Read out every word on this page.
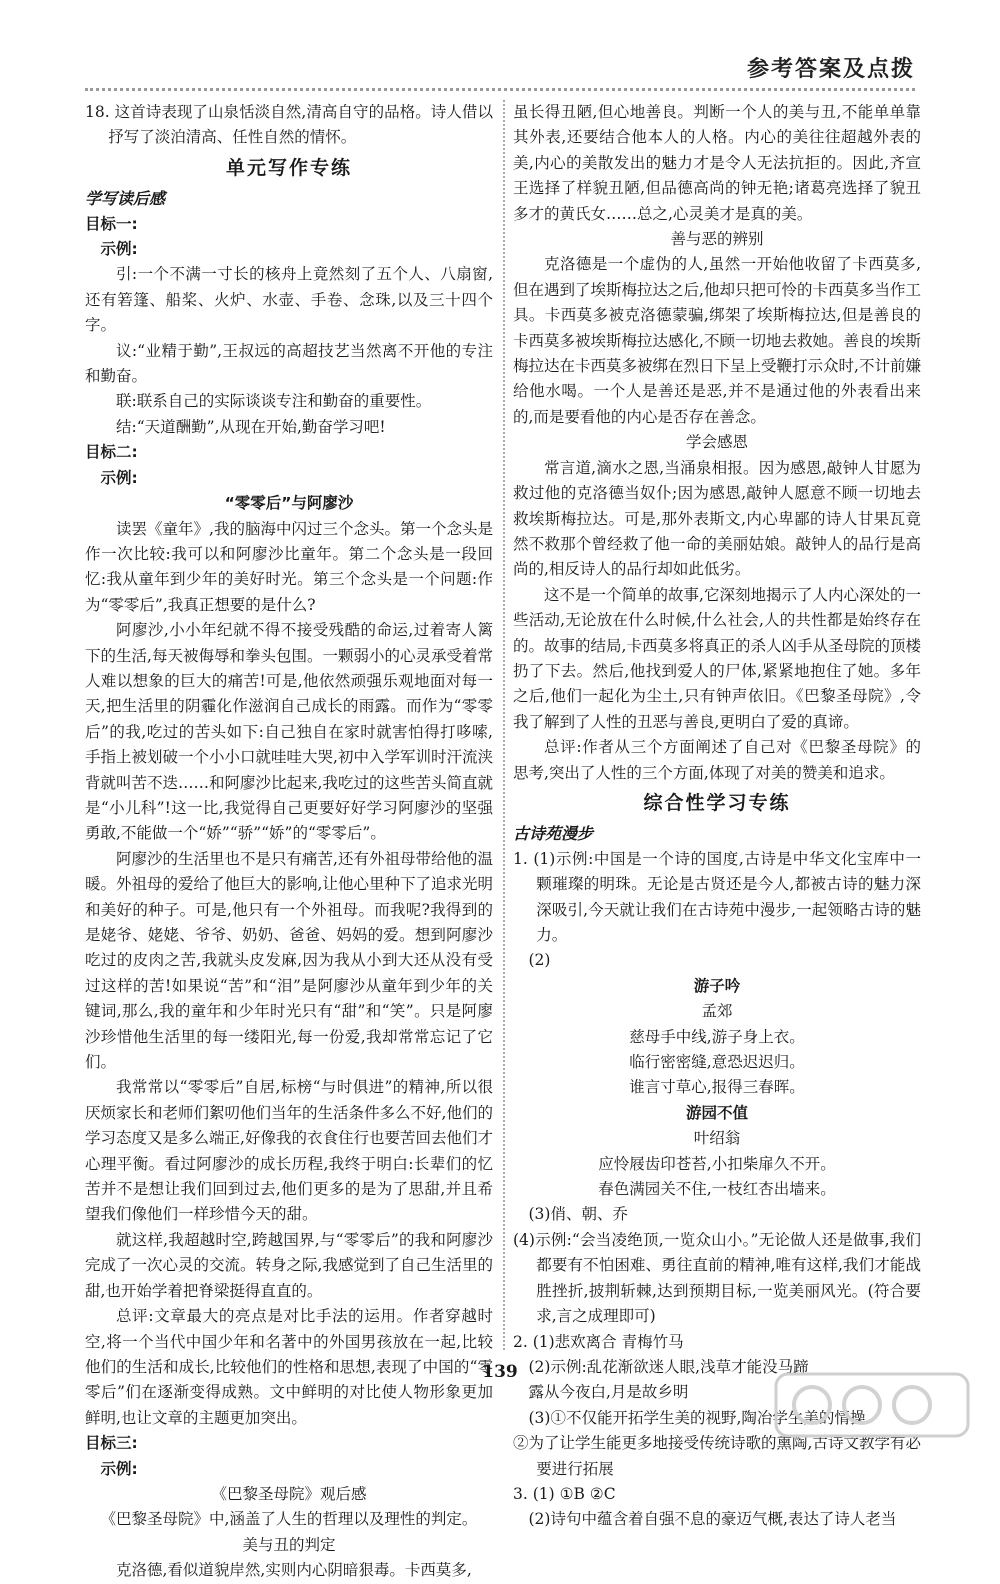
参考答案及点拨

18. 这首诗表现了山泉恬淡自然,清高自守的品格。诗人借以抒写了淡泊清高、任性自然的情怀。

单元写作专练

学写读后感

目标一:

示例:

引:一个不满一寸长的核舟上竟然刻了五个人、八扇窗,还有箬篷、船桨、火炉、水壶、手卷、念珠,以及三十四个字。

议:“业精于勤”,王叔远的高超技艺当然离不开他的专注和勤奋。

联:联系自己的实际谈谈专注和勤奋的重要性。

结:“天道酬勤”,从现在开始,勤奋学习吧!

目标二:

示例:

“零零后”与阿廖沙

读罢《童年》,我的脑海中闪过三个念头。第一个念头是作一次比较:我可以和阿廖沙比童年。第二个念头是一段回忆:我从童年到少年的美好时光。第三个念头是一个问题:作为“零零后”,我真正想要的是什么?

阿廖沙,小小年纪就不得不接受残酷的命运,过着寄人篱下的生活,每天被侮辱和拳头包围。一颗弱小的心灵承受着常人难以想象的巨大的痛苦!可是,他依然顽强乐观地面对每一天,把生活里的阴霾化作滋润自己成长的雨露。而作为“零零后”的我,吃过的苦头如下:自己独自在家时就害怕得打哆嗦,手指上被划破一个小小口就哇哇大哭,初中入学军训时汗流浃背就叫苦不迭……和阿廖沙比起来,我吃过的这些苦头简直就是“小儿科”!这一比,我觉得自己更要好好学习阿廖沙的坚强勇敢,不能做一个“娇”“骄”“娇”的“零零后”。

阿廖沙的生活里也不是只有痛苦,还有外祖母带给他的温暖。外祖母的爱给了他巨大的影响,让他心里种下了追求光明和美好的种子。可是,他只有一个外祖母。而我呢?我得到的是姥爷、姥姥、爷爷、奶奶、爸爸、妈妈的爱。想到阿廖沙吃过的皮肉之苦,我就头皮发麻,因为我从小到大还从没有受过这样的苦!如果说“苦”和“泪”是阿廖沙从童年到少年的关键词,那么,我的童年和少年时光只有“甜”和“笑”。只是阿廖沙珍惜他生活里的每一缕阳光,每一份爱,我却常常忘记了它们。

我常常以“零零后”自居,标榜“与时俱进”的精神,所以很厌烦家长和老师们絮叨他们当年的生活条件多么不好,他们的学习态度又是多么端正,好像我的衣食住行也要苦回去他们才心理平衡。看过阿廖沙的成长历程,我终于明白:长辈们的忆苦并不是想让我们回到过去,他们更多的是为了思甜,并且希望我们像他们一样珍惜今天的甜。

就这样,我超越时空,跨越国界,与“零零后”的我和阿廖沙完成了一次心灵的交流。转身之际,我感觉到了自己生活里的甜,也开始学着把脊梁挺得直直的。

总评:文章最大的亮点是对比手法的运用。作者穿越时空,将一个当代中国少年和名著中的外国男孩放在一起,比较他们的生活和成长,比较他们的性格和思想,表现了中国的“零零后”们在逐渐变得成熟。文中鲜明的对比使人物形象更加鲜明,也让文章的主题更加突出。

目标三:

示例:

《巴黎圣母院》观后感

《巴黎圣母院》中,涵盖了人生的哲理以及理性的判定。

美与丑的判定

克洛德,看似道貌岸然,实则内心阴暗狠毒。卡西莫多,

虽长得丑陋,但心地善良。判断一个人的美与丑,不能单单靠其外表,还要结合他本人的人格。内心的美往往超越外表的美,内心的美散发出的魅力才是令人无法抗拒的。因此,齐宣王选择了样貌丑陋,但品德高尚的钟无艳;诸葛亮选择了貌丑多才的黄氏女……总之,心灵美才是真的美。

善与恶的辨别

克洛德是一个虚伪的人,虽然一开始他收留了卡西莫多,但在遇到了埃斯梅拉达之后,他却只把可怜的卡西莫多当作工具。卡西莫多被克洛德蒙骗,绑架了埃斯梅拉达,但是善良的卡西莫多被埃斯梅拉达感化,不顾一切地去救她。善良的埃斯梅拉达在卡西莫多被绑在烈日下呈上受鞭打示众时,不计前嫌给他水喝。一个人是善还是恶,并不是通过他的外表看出来的,而是要看他的内心是否存在善念。

学会感恩

常言道,滴水之恩,当涌泉相报。因为感恩,敲钟人甘愿为救过他的克洛德当奴仆;因为感恩,敲钟人愿意不顾一切地去救埃斯梅拉达。可是,那外表斯文,内心卑鄙的诗人甘果瓦竟然不救那个曾经救了他一命的美丽姑娘。敲钟人的品行是高尚的,相反诗人的品行却如此低劣。

这不是一个简单的故事,它深刻地揭示了人内心深处的一些活动,无论放在什么时候,什么社会,人的共性都是始终存在的。故事的结局,卡西莫多将真正的杀人凶手从圣母院的顶楼扔了下去。然后,他找到爱人的尸体,紧紧地抱住了她。多年之后,他们一起化为尘土,只有钟声依旧。《巴黎圣母院》,令我了解到了人性的丑恶与善良,更明白了爱的真谛。

总评:作者从三个方面阐述了自己对《巴黎圣母院》的思考,突出了人性的三个方面,体现了对美的赞美和追求。

综合性学习专练

古诗苑漫步

1. (1)示例:中国是一个诗的国度,古诗是中华文化宝库中一颗璀璨的明珠。无论是古贤还是今人,都被古诗的魅力深深吸引,今天就让我们在古诗苑中漫步,一起领略古诗的魅力。

(2)

游子吟

孟郊

慈母手中线,游子身上衣。

临行密密缝,意恐迟迟归。

谁言寸草心,报得三春晖。

游园不值

叶绍翁

应怜屐齿印苍苔,小扣柴扉久不开。

春色满园关不住,一枝红杏出墙来。

(3)俏、朝、乔

(4)示例:“会当凌绝顶,一览众山小。”无论做人还是做事,我们都要有不怕困难、勇往直前的精神,唯有这样,我们才能战胜挫折,披荆斩棘,达到预期目标,一览美丽风光。(符合要求,言之成理即可)

2. (1)悲欢离合 青梅竹马

(2)示例:乱花渐欲迷人眼,浅草才能没马蹄

露从今夜白,月是故乡明

(3)①不仅能开拓学生美的视野,陶冶学生美的情操

②为了让学生能更多地接受传统诗歌的熏陶,古诗文教学有必要进行拓展

3. (1) ①B ②C

(2)诗句中蕴含着自强不息的豪迈气概,表达了诗人老当

139
